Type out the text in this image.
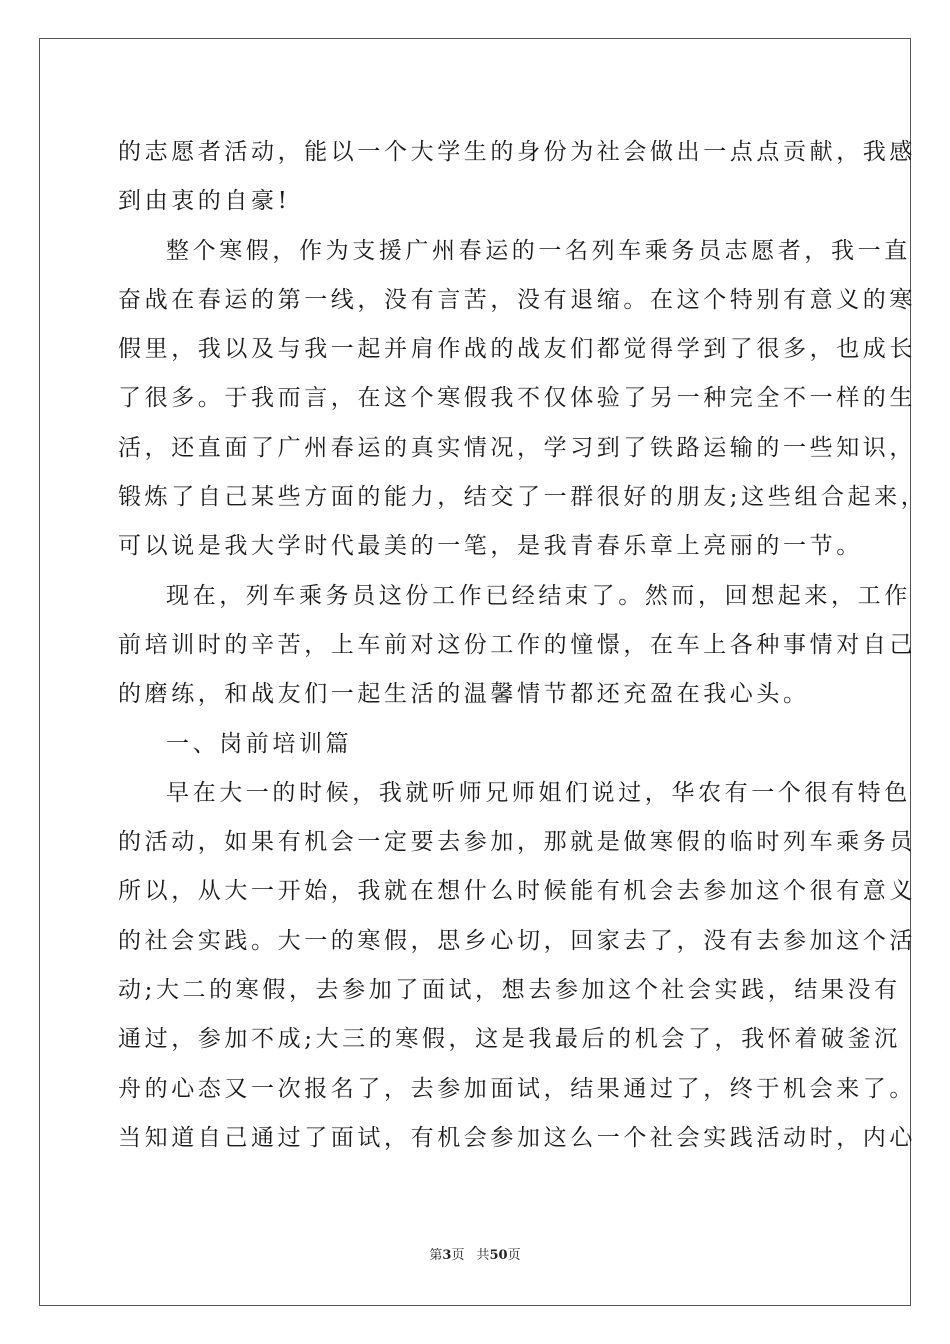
的志愿者活动，能以一个大学生的身份为社会做出一点点贡献，我感
到由衷的自豪!
整个寒假，作为支援广州春运的一名列车乘务员志愿者，我一直
奋战在春运的第一线，没有言苦，没有退缩。在这个特别有意义的寒
假里，我以及与我一起并肩作战的战友们都觉得学到了很多，也成长
了很多。于我而言，在这个寒假我不仅体验了另一种完全不一样的生
活，还直面了广州春运的真实情况，学习到了铁路运输的一些知识，
锻炼了自己某些方面的能力，结交了一群很好的朋友;这些组合起来，
可以说是我大学时代最美的一笔，是我青春乐章上亮丽的一节。
现在，列车乘务员这份工作已经结束了。然而，回想起来，工作
前培训时的辛苦，上车前对这份工作的憧憬，在车上各种事情对自己
的磨练，和战友们一起生活的温馨情节都还充盈在我心头。
一、岗前培训篇
早在大一的时候，我就听师兄师姐们说过，华农有一个很有特色
的活动，如果有机会一定要去参加，那就是做寒假的临时列车乘务员
所以，从大一开始，我就在想什么时候能有机会去参加这个很有意义
的社会实践。大一的寒假，思乡心切，回家去了，没有去参加这个活
动;大二的寒假，去参加了面试，想去参加这个社会实践，结果没有
通过，参加不成;大三的寒假，这是我最后的机会了，我怀着破釜沉
舟的心态又一次报名了，去参加面试，结果通过了，终于机会来了。
当知道自己通过了面试，有机会参加这么一个社会实践活动时，内心
第3页 共50页
